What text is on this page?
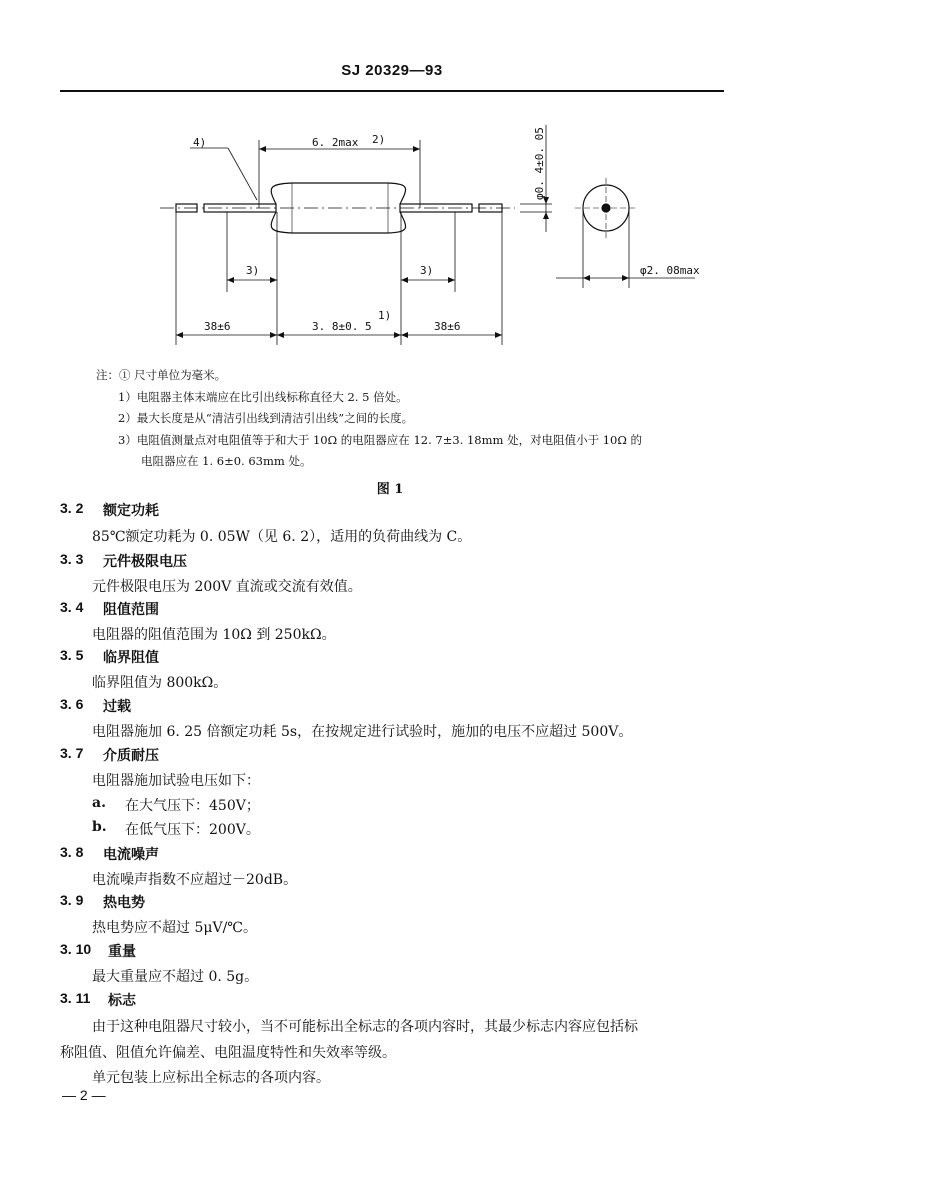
SJ 20329—93
4)	6. 2max 2)	φ0. 4±0. 05
3)	3)	φ2. 08max
38±6	3. 8±0. 5
1)
38±6
注：① 尺寸单位为毫米。
1）电阻器主体末端应在比引出线标称直径大 2. 5 倍处。
2）最大长度是从“清洁引出线到清洁引出线”之间的长度。
3）电阻值测量点对电阻值等于和大于 10Ω 的电阻器应在 12. 7±3. 18mm 处，对电阻值小于 10Ω 的
电阻器应在 1. 6±0. 63mm 处。
图 1
3. 2 额定功耗
85℃额定功耗为 0. 05W（见 6. 2），适用的负荷曲线为 C。
3. 3 元件极限电压
元件极限电压为 200V 直流或交流有效值。
3. 4 阻值范围
电阻器的阻值范围为 10Ω 到 250kΩ。
3. 5 临界阻值
临界阻值为 800kΩ。
3. 6 过载
电阻器施加 6. 25 倍额定功耗 5s，在按规定进行试验时，施加的电压不应超过 500V。
3. 7 介质耐压
电阻器施加试验电压如下：
a. 在大气压下：450V；
b. 在低气压下：200V。
3. 8 电流噪声
电流噪声指数不应超过－20dB。
3. 9 热电势
热电势应不超过 5μV/℃。
3. 10 重量
最大重量应不超过 0. 5g。
3. 11 标志
由于这种电阻器尺寸较小，当不可能标出全标志的各项内容时，其最少标志内容应包括标
称阻值、阻值允许偏差、电阻温度特性和失效率等级。
单元包装上应标出全标志的各项内容。
— 2 —
